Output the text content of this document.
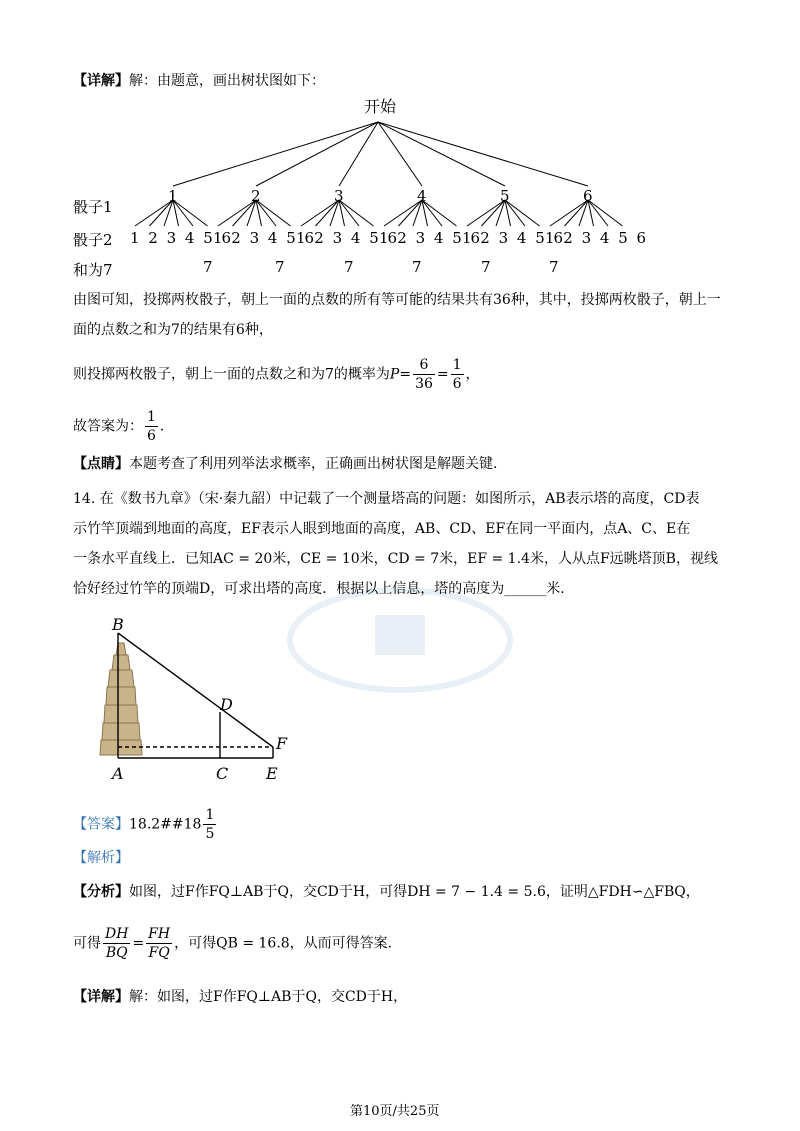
【详解】解：由题意，画出树状图如下：
开始
骰子1
骰子2
和为7
1	2	3	4	5	6
1 2 3 4 5 6
1 2 3 4 5 6
1 2 3 4 5 6
1 2 3 4 5 6
1 2 3 4 5 6
1 2 3 4 5 6
7	7	7	7	7	7
由图可知，投掷两枚骰子，朝上一面的点数的所有等可能的结果共有36种，其中，投掷两枚骰子，朝上一
面的点数之和为7的结果有6种，
则投掷两枚骰子，朝上一面的点数之和为7的概率为$P= \frac{6}{36} = \frac{1}{6}$ ，
故答案为： $\frac{1}{6}$ .
【点睛】本题考查了利用列举法求概率，正确画出树状图是解题关键.
14. 在《数书九章》（宋·秦九韶）中记载了一个测量塔高的问题：如图所示，AB表示塔的高度，CD表
示竹竿顶端到地面的高度，EF表示人眼到地面的高度，AB、CD、EF在同一平面内，点A、C、E在
一条水平直线上．已知AC = 20米，CE = 10米，CD = 7米，EF = 1.4米，人从点F远眺塔顶B，视线
恰好经过竹竿的顶端D，可求出塔的高度．根据以上信息，塔的高度为______米.
B
D
F
A	C E
【答案】18.2##18 $\frac{1}{5}$
【解析】
【分析】如图，过F作FQ⊥AB于Q，交CD于H，可得DH = 7 − 1.4 = 5.6，证明△FDH∽△FBQ，
可得 $\frac{DH}{BQ} = \frac{FH}{FQ}$ ，可得QB = 16.8，从而可得答案.
【详解】解：如图，过F作FQ⊥AB于Q，交CD于H，
第10页/共25页
